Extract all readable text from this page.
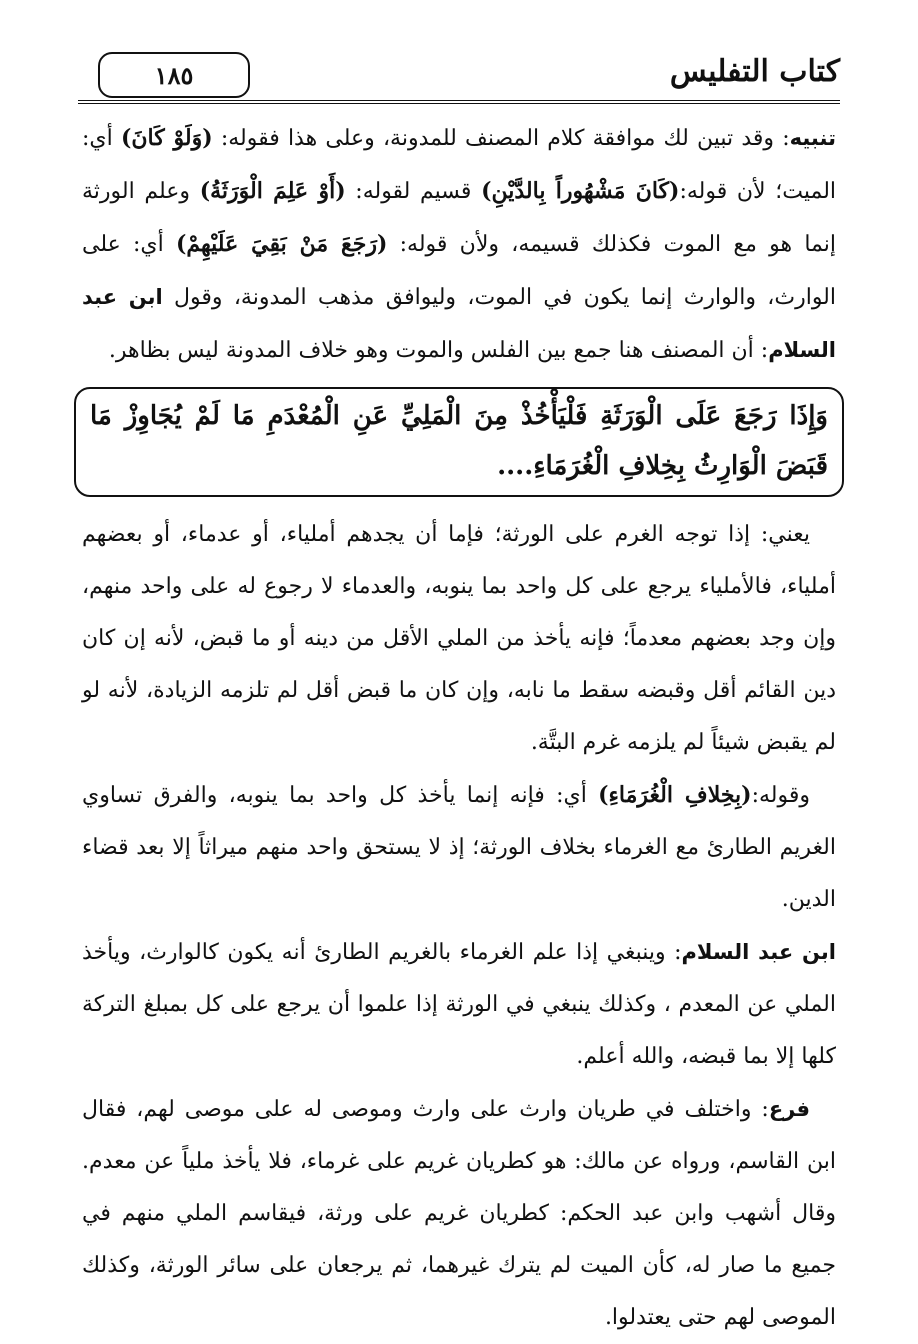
كتاب التفليس
١٨٥

تنبيه: وقد تبين لك موافقة كلام المصنف للمدونة، وعلى هذا فقوله: (وَلَوْ كَانَ) أي: الميت؛ لأن قوله:(كَانَ مَشْهُوراً بِالدَّيْنِ) قسيم لقوله: (أَوْ عَلِمَ الْوَرَثَةُ) وعلم الورثة إنما هو مع الموت فكذلك قسيمه، ولأن قوله: (رَجَعَ مَنْ بَقِيَ عَلَيْهِمْ) أي: على الوارث، والوارث إنما يكون في الموت، وليوافق مذهب المدونة، وقول ابن عبد السلام: أن المصنف هنا جمع بين الفلس والموت وهو خلاف المدونة ليس بظاهر.

وَإِذَا رَجَعَ عَلَى الْوَرَثَةِ فَلْيَأْخُذْ مِنَ الْمَلِيِّ عَنِ الْمُعْدَمِ مَا لَمْ يُجَاوِزْ مَا قَبَضَ الْوَارِثُ بِخِلافِ الْغُرَمَاءِ....

يعني: إذا توجه الغرم على الورثة؛ فإما أن يجدهم أملياء، أو عدماء، أو بعضهم أملياء، فالأملياء يرجع على كل واحد بما ينوبه، والعدماء لا رجوع له على واحد منهم، وإن وجد بعضهم معدماً؛ فإنه يأخذ من الملي الأقل من دينه أو ما قبض، لأنه إن كان دين القائم أقل وقبضه سقط ما نابه، وإن كان ما قبض أقل لم تلزمه الزيادة، لأنه لو لم يقبض شيئاً لم يلزمه غرم البتَّة.

وقوله:(بِخِلافِ الْغُرَمَاءِ) أي: فإنه إنما يأخذ كل واحد بما ينوبه، والفرق تساوي الغريم الطارئ مع الغرماء بخلاف الورثة؛ إذ لا يستحق واحد منهم ميراثاً إلا بعد قضاء الدين.

ابن عبد السلام: وينبغي إذا علم الغرماء بالغريم الطارئ أنه يكون كالوارث، ويأخذ الملي عن المعدم ، وكذلك ينبغي في الورثة إذا علموا أن يرجع على كل بمبلغ التركة كلها إلا بما قبضه، والله أعلم.

فرع: واختلف في طريان وارث على وارث وموصى له على موصى لهم، فقال ابن القاسم، ورواه عن مالك: هو كطريان غريم على غرماء، فلا يأخذ ملياً عن معدم. وقال أشهب وابن عبد الحكم: كطريان غريم على ورثة، فيقاسم الملي منهم في جميع ما صار له، كأن الميت لم يترك غيرهما، ثم يرجعان على سائر الورثة، وكذلك الموصى لهم حتى يعتدلوا.
